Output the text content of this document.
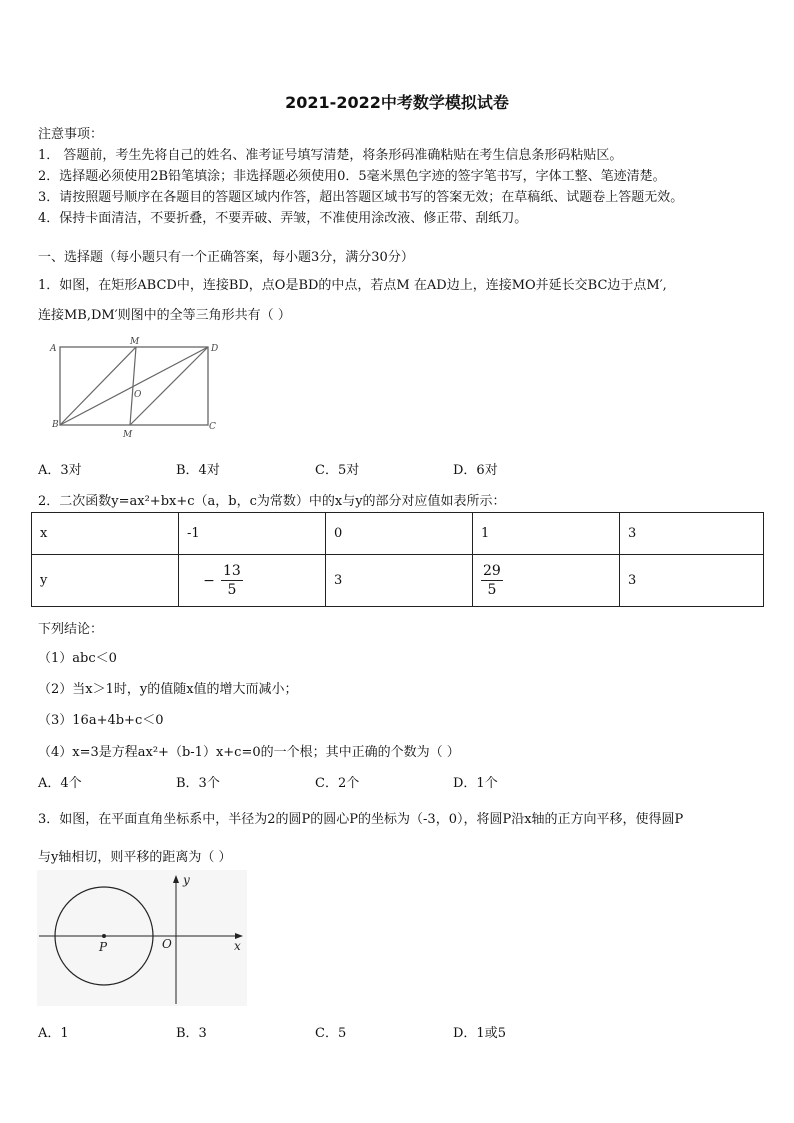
2021-2022中考数学模拟试卷
注意事项：
1． 答题前，考生先将自己的姓名、准考证号填写清楚，将条形码准确粘贴在考生信息条形码粘贴区。
2．选择题必须使用2B铅笔填涂；非选择题必须使用0．5毫米黑色字迹的签字笔书写，字体工整、笔迹清楚。
3．请按照题号顺序在各题目的答题区域内作答，超出答题区域书写的答案无效；在草稿纸、试题卷上答题无效。
4．保持卡面清洁，不要折叠，不要弄破、弄皱，不准使用涂改液、修正带、刮纸刀。
一、选择题（每小题只有一个正确答案，每小题3分，满分30分）
1．如图，在矩形ABCD中，连接BD，点O是BD的中点，若点M 在AD边上，连接MO并延长交BC边于点M′,
连接MB,DM′则图中的全等三角形共有（ ）
A
M
D
O
B
M
C
A．3对	B．4对	C．5对	D．6对
2．二次函数y=ax²+bx+c（a，b，c为常数）中的x与y的部分对应值如表所示：
x	-1	0	1	3
y	− $\frac{13}{5}$	3	$\frac{29}{5}$	3
下列结论：
（1）abc＜0
（2）当x＞1时，y的值随x值的增大而减小；
（3）16a+4b+c＜0
（4）x=3是方程ax²+（b-1）x+c=0的一个根；其中正确的个数为（ ）
A．4个	B．3个	C．2个	D．1个
3．如图，在平面直角坐标系中，半径为2的圆P的圆心P的坐标为（-3，0），将圆P沿x轴的正方向平移，使得圆P
与y轴相切，则平移的距离为（ ）
y
x
O
P
A．1	B．3	C．5	D．1或5
